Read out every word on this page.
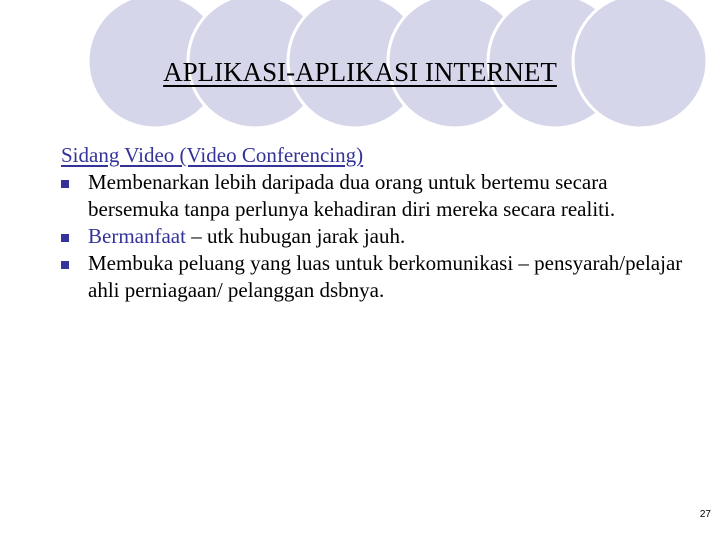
APLIKASI-APLIKASI INTERNET
Sidang Video (Video Conferencing)
Membenarkan lebih daripada dua orang untuk bertemu secara bersemuka tanpa perlunya kehadiran diri mereka secara realiti.
Bermanfaat – utk hubugan jarak jauh.
Membuka peluang yang luas untuk berkomunikasi – pensyarah/pelajar ahli perniagaan/ pelanggan dsbnya.
27
